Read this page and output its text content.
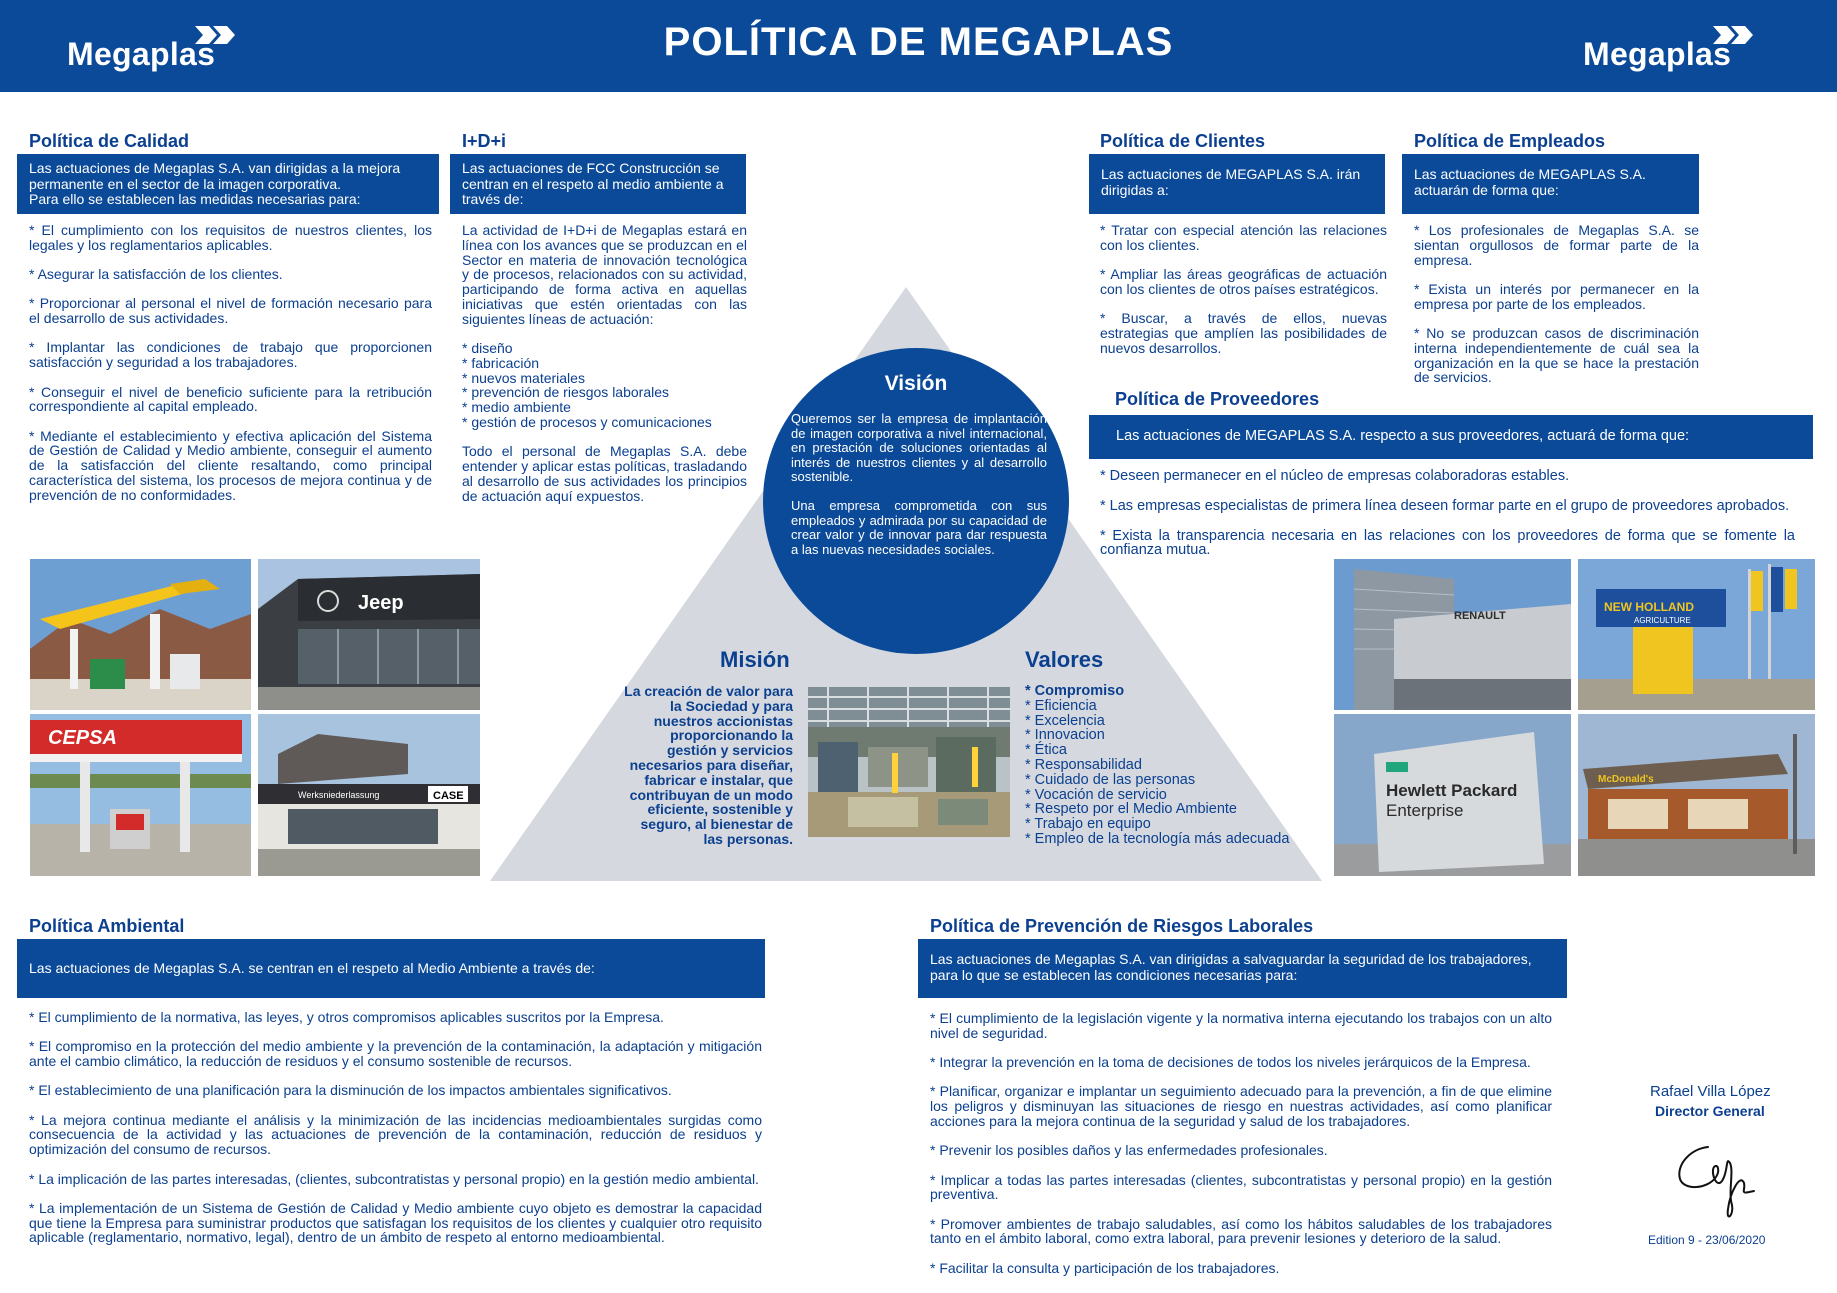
Megaplas	POLÍTICA DE MEGAPLAS	Megaplas
Política de Calidad
Las actuaciones de Megaplas S.A. van dirigidas a la mejora permanente en el sector de la imagen corporativa.
Para ello se establecen las medidas necesarias para:

* El cumplimiento con los requisitos de nuestros clientes, los legales y los reglamentarios aplicables.

* Asegurar la satisfacción de los clientes.

* Proporcionar al personal el nivel de formación necesario para el desarrollo de sus actividades.

* Implantar las condiciones de trabajo que proporcionen satisfacción y seguridad a los trabajadores.

* Conseguir el nivel de beneficio suficiente para la retribución correspondiente al capital empleado.

* Mediante el establecimiento y efectiva aplicación del Sistema de Gestión de Calidad y Medio ambiente, conseguir el aumento de la satisfacción del cliente resaltando, como principal característica del sistema, los procesos de mejora continua y de prevención de no conformidades.

I+D+i
Las actuaciones de FCC Construcción se centran en el respeto al medio ambiente a través de:

La actividad de I+D+i de Megaplas estará en línea con los avances que se produzcan en el Sector en materia de innovación tecnológica y de procesos, relacionados con su actividad, participando de forma activa en aquellas iniciativas que estén orientadas con las siguientes líneas de actuación:

* diseño
* fabricación
* nuevos materiales
* prevención de riesgos laborales
* medio ambiente
* gestión de procesos y comunicaciones

Todo el personal de Megaplas S.A. debe entender y aplicar estas políticas, trasladando al desarrollo de sus actividades los principios de actuación aquí expuestos.

Política de Clientes
Las actuaciones de MEGAPLAS S.A. irán dirigidas a:

* Tratar con especial atención las relaciones con los clientes.

* Ampliar las áreas geográficas de actuación con los clientes de otros países estratégicos.

* Buscar, a través de ellos, nuevas estrategias que amplíen las posibilidades de nuevos desarrollos.

Política de Empleados
Las actuaciones de MEGAPLAS S.A. actuarán de forma que:

* Los profesionales de Megaplas S.A. se sientan orgullosos de formar parte de la empresa.

* Exista un interés por permanecer en la empresa por parte de los empleados.

* No se produzcan casos de discriminación interna independientemente de cuál sea la organización en la que se hace la prestación de servicios.

Política de Proveedores
Las actuaciones de MEGAPLAS S.A. respecto a sus proveedores, actuará de forma que:

* Deseen permanecer en el núcleo de empresas colaboradoras estables.

* Las empresas especialistas de primera línea deseen formar parte en el grupo de proveedores aprobados.

* Exista la transparencia necesaria en las relaciones con los proveedores de forma que se fomente la confianza mutua.

Visión

Queremos ser la empresa de implantación de imagen corporativa a nivel internacional, en prestación de soluciones orientadas al interés de nuestros clientes y al desarrollo sostenible.

Una empresa comprometida con sus empleados y admirada por su capacidad de crear valor y de innovar para dar respuesta a las nuevas necesidades sociales.

Misión
La creación de valor para la Sociedad y para nuestros accionistas proporcionando la gestión y servicios necesarios para diseñar, fabricar e instalar, que contribuyan de un modo eficiente, sostenible y seguro, al bienestar de las personas.
Valores
* Compromiso
* Eficiencia
* Excelencia
* Innovacion
* Ética
* Responsabilidad
* Cuidado de las personas
* Vocación de servicio
* Respeto por el Medio Ambiente
* Trabajo en equipo
* Empleo de la tecnología más adecuada
Jeep
CEPSA
Werksniederlassung	CASE
RENAULT
NEW HOLLAND
AGRICULTURE
Hewlett Packard
Enterprise
McDonald's
Política Ambiental
Las actuaciones de Megaplas S.A. se centran en el respeto al Medio Ambiente a través de:

* El cumplimiento de la normativa, las leyes, y otros compromisos aplicables suscritos por la Empresa.

* El compromiso en la protección del medio ambiente y la prevención de la contaminación, la adaptación y mitigación ante el cambio climático, la reducción de residuos y el consumo sostenible de recursos.

* El establecimiento de una planificación para la disminución de los impactos ambientales significativos.

* La mejora continua mediante el análisis y la minimización de las incidencias medioambientales surgidas como consecuencia de la actividad y las actuaciones de prevención de la contaminación, reducción de residuos y optimización del consumo de recursos.

* La implicación de las partes interesadas, (clientes, subcontratistas y personal propio) en la gestión medio ambiental.

* La implementación de un Sistema de Gestión de Calidad y Medio ambiente cuyo objeto es demostrar la capacidad que tiene la Empresa para suministrar productos que satisfagan los requisitos de los clientes y cualquier otro requisito aplicable (reglamentario, normativo, legal), dentro de un ámbito de respeto al entorno medioambiental.

Política de Prevención de Riesgos Laborales
Las actuaciones de Megaplas S.A. van dirigidas a salvaguardar la seguridad de los trabajadores, para lo que se establecen las condiciones necesarias para:

* El cumplimiento de la legislación vigente y la normativa interna ejecutando los trabajos con un alto nivel de seguridad.

* Integrar la prevención en la toma de decisiones de todos los niveles jerárquicos de la Empresa.

* Planificar, organizar e implantar un seguimiento adecuado para la prevención, a fin de que elimine los peligros y disminuyan las situaciones de riesgo en nuestras actividades, así como planificar acciones para la mejora continua de la seguridad y salud de los trabajadores.

* Prevenir los posibles daños y las enfermedades profesionales.

* Implicar a todas las partes interesadas (clientes, subcontratistas y personal propio) en la gestión preventiva.

* Promover ambientes de trabajo saludables, así como los hábitos saludables de los trabajadores tanto en el ámbito laboral, como extra laboral, para prevenir lesiones y deterioro de la salud.

* Facilitar la consulta y participación de los trabajadores.

Rafael Villa López
Director General
Edition 9 - 23/06/2020
